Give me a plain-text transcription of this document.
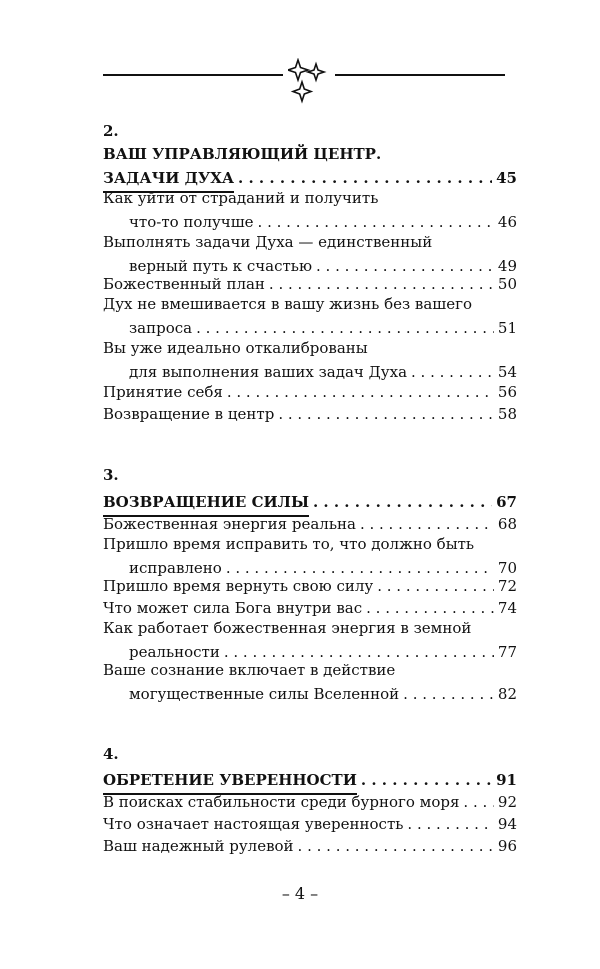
2.
ВАШ УПРАВЛЯЮЩИЙ ЦЕНТР.
ЗАДАЧИ ДУХА . . .	45
Как уйти от страданий и получить
что-то получше . . .	46
Выполнять задачи Духа — единственный
верный путь к счастью . . .	49
Божественный план . . .	50
Дух не вмешивается в вашу жизнь без вашего
запроса . . .	51
Вы уже идеально откалиброваны
для выполнения ваших задач Духа . . .	54
Принятие себя . . .	56
Возвращение в центр . . .	58
3.
ВОЗВРАЩЕНИЕ СИЛЫ . . .	67
Божественная энергия реальна . . .	68
Пришло время исправить то, что должно быть
исправлено . . .	70
Пришло время вернуть свою силу . . .	72
Что может сила Бога внутри вас . . .	74
Как работает божественная энергия в земной
реальности . . .	77
Ваше сознание включает в действие
могущественные силы Вселенной . . .	82
4.
ОБРЕТЕНИЕ УВЕРЕННОСТИ . . .	91
В поисках стабильности среди бурного моря . . .	92
Что означает настоящая уверенность . . .	94
Ваш надежный рулевой . . .	96
– 4 –
